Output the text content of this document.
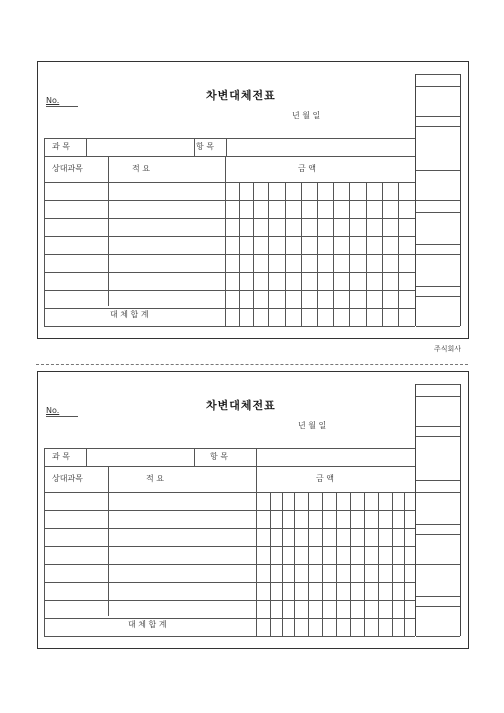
No.	차변대체전표
년 월 일
과 목	항 목
상대과목	적 요	금 액
대 체 합 계
주식회사
No.	차변대체전표
년 월 일
과 목	항 목
상대과목	적 요	금 액
대 체 합 계
